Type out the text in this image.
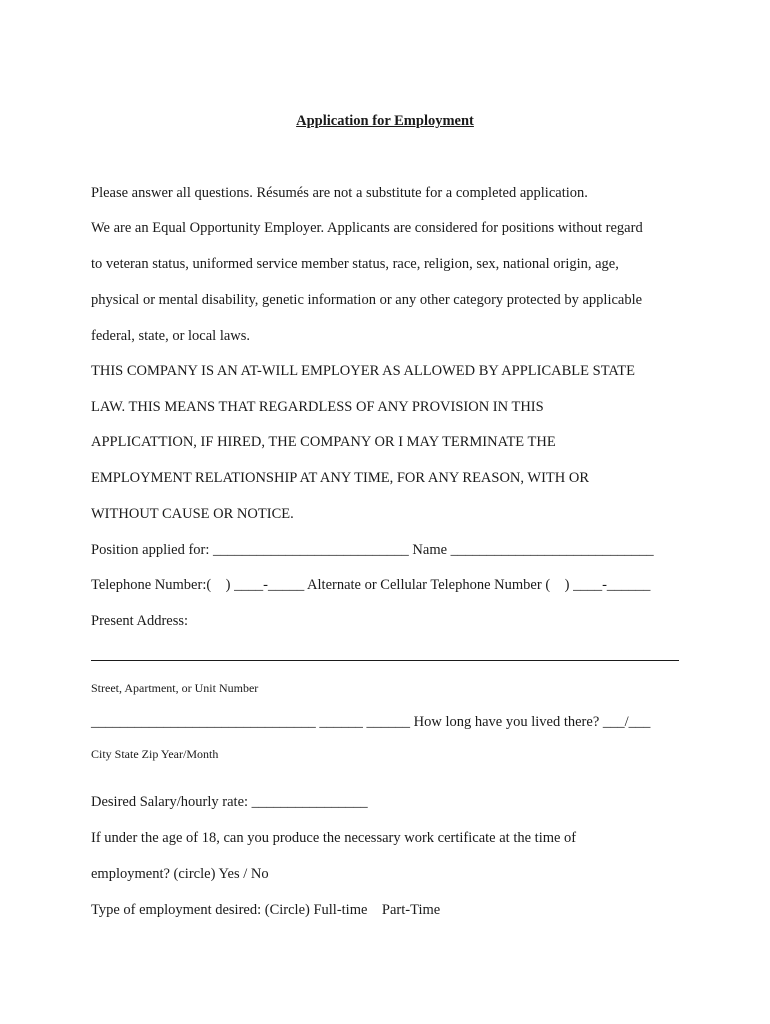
Application for Employment
Please answer all questions. Résumés are not a substitute for a completed application.
We are an Equal Opportunity Employer. Applicants are considered for positions without regard
to veteran status, uniformed service member status, race, religion, sex, national origin, age,
physical or mental disability, genetic information or any other category protected by applicable
federal, state, or local laws.
THIS COMPANY IS AN AT-WILL EMPLOYER AS ALLOWED BY APPLICABLE STATE
LAW. THIS MEANS THAT REGARDLESS OF ANY PROVISION IN THIS
APPLICATTION, IF HIRED, THE COMPANY OR I MAY TERMINATE THE
EMPLOYMENT RELATIONSHIP AT ANY TIME, FOR ANY REASON, WITH OR
WITHOUT CAUSE OR NOTICE.
Position applied for: ___________________________ Name ____________________________
Telephone Number:(    ) ____-_____ Alternate or Cellular Telephone Number (    ) ____-______
Present Address:
Street, Apartment, or Unit Number
_______________________________ ______ ______ How long have you lived there? ___/___
City State Zip Year/Month
Desired Salary/hourly rate: ________________
If under the age of 18, can you produce the necessary work certificate at the time of
employment? (circle) Yes / No
Type of employment desired: (Circle) Full-time    Part-Time
